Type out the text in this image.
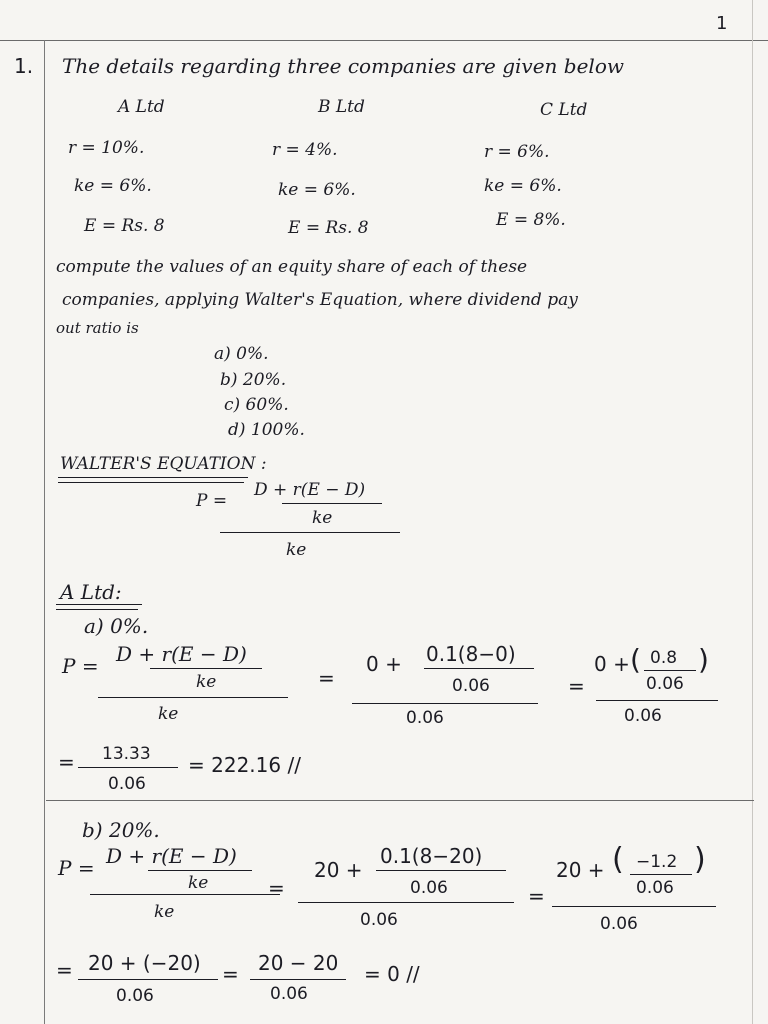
1
1. The details regarding three companies are given below
A Ltd
r = 10%.
ke = 6%.
E = Rs. 8
B Ltd
r = 4%.
ke = 6%.
E = Rs. 8
C Ltd
r = 6%.
ke = 6%.
E = 8%.
compute the values of an equity share of each of these
companies, applying Walter's Equation, where dividend pay
out ratio is
a) 0%.
b) 20%.
c) 60%.
d) 100%.
WALTER'S EQUATION :
P =
D + r(E − D)
ke
ke
A Ltd:
a) 0%.
P = D + r(E − D)
ke
ke
=
0 + 0.1(8−0)
0.06
0.06
=
0 + ( 0.8
0.06
)
0.06
= 13.33
0.06
= 222.16 //
b) 20%.
P = D + r(E − D)
ke
ke
=
20 +
0.1(8−20)
0.06
0.06
=
20 + ( −1.2
0.06
)
0.06
= 20 + (−20)
0.06
= 20 − 20
0.06
= 0 //
